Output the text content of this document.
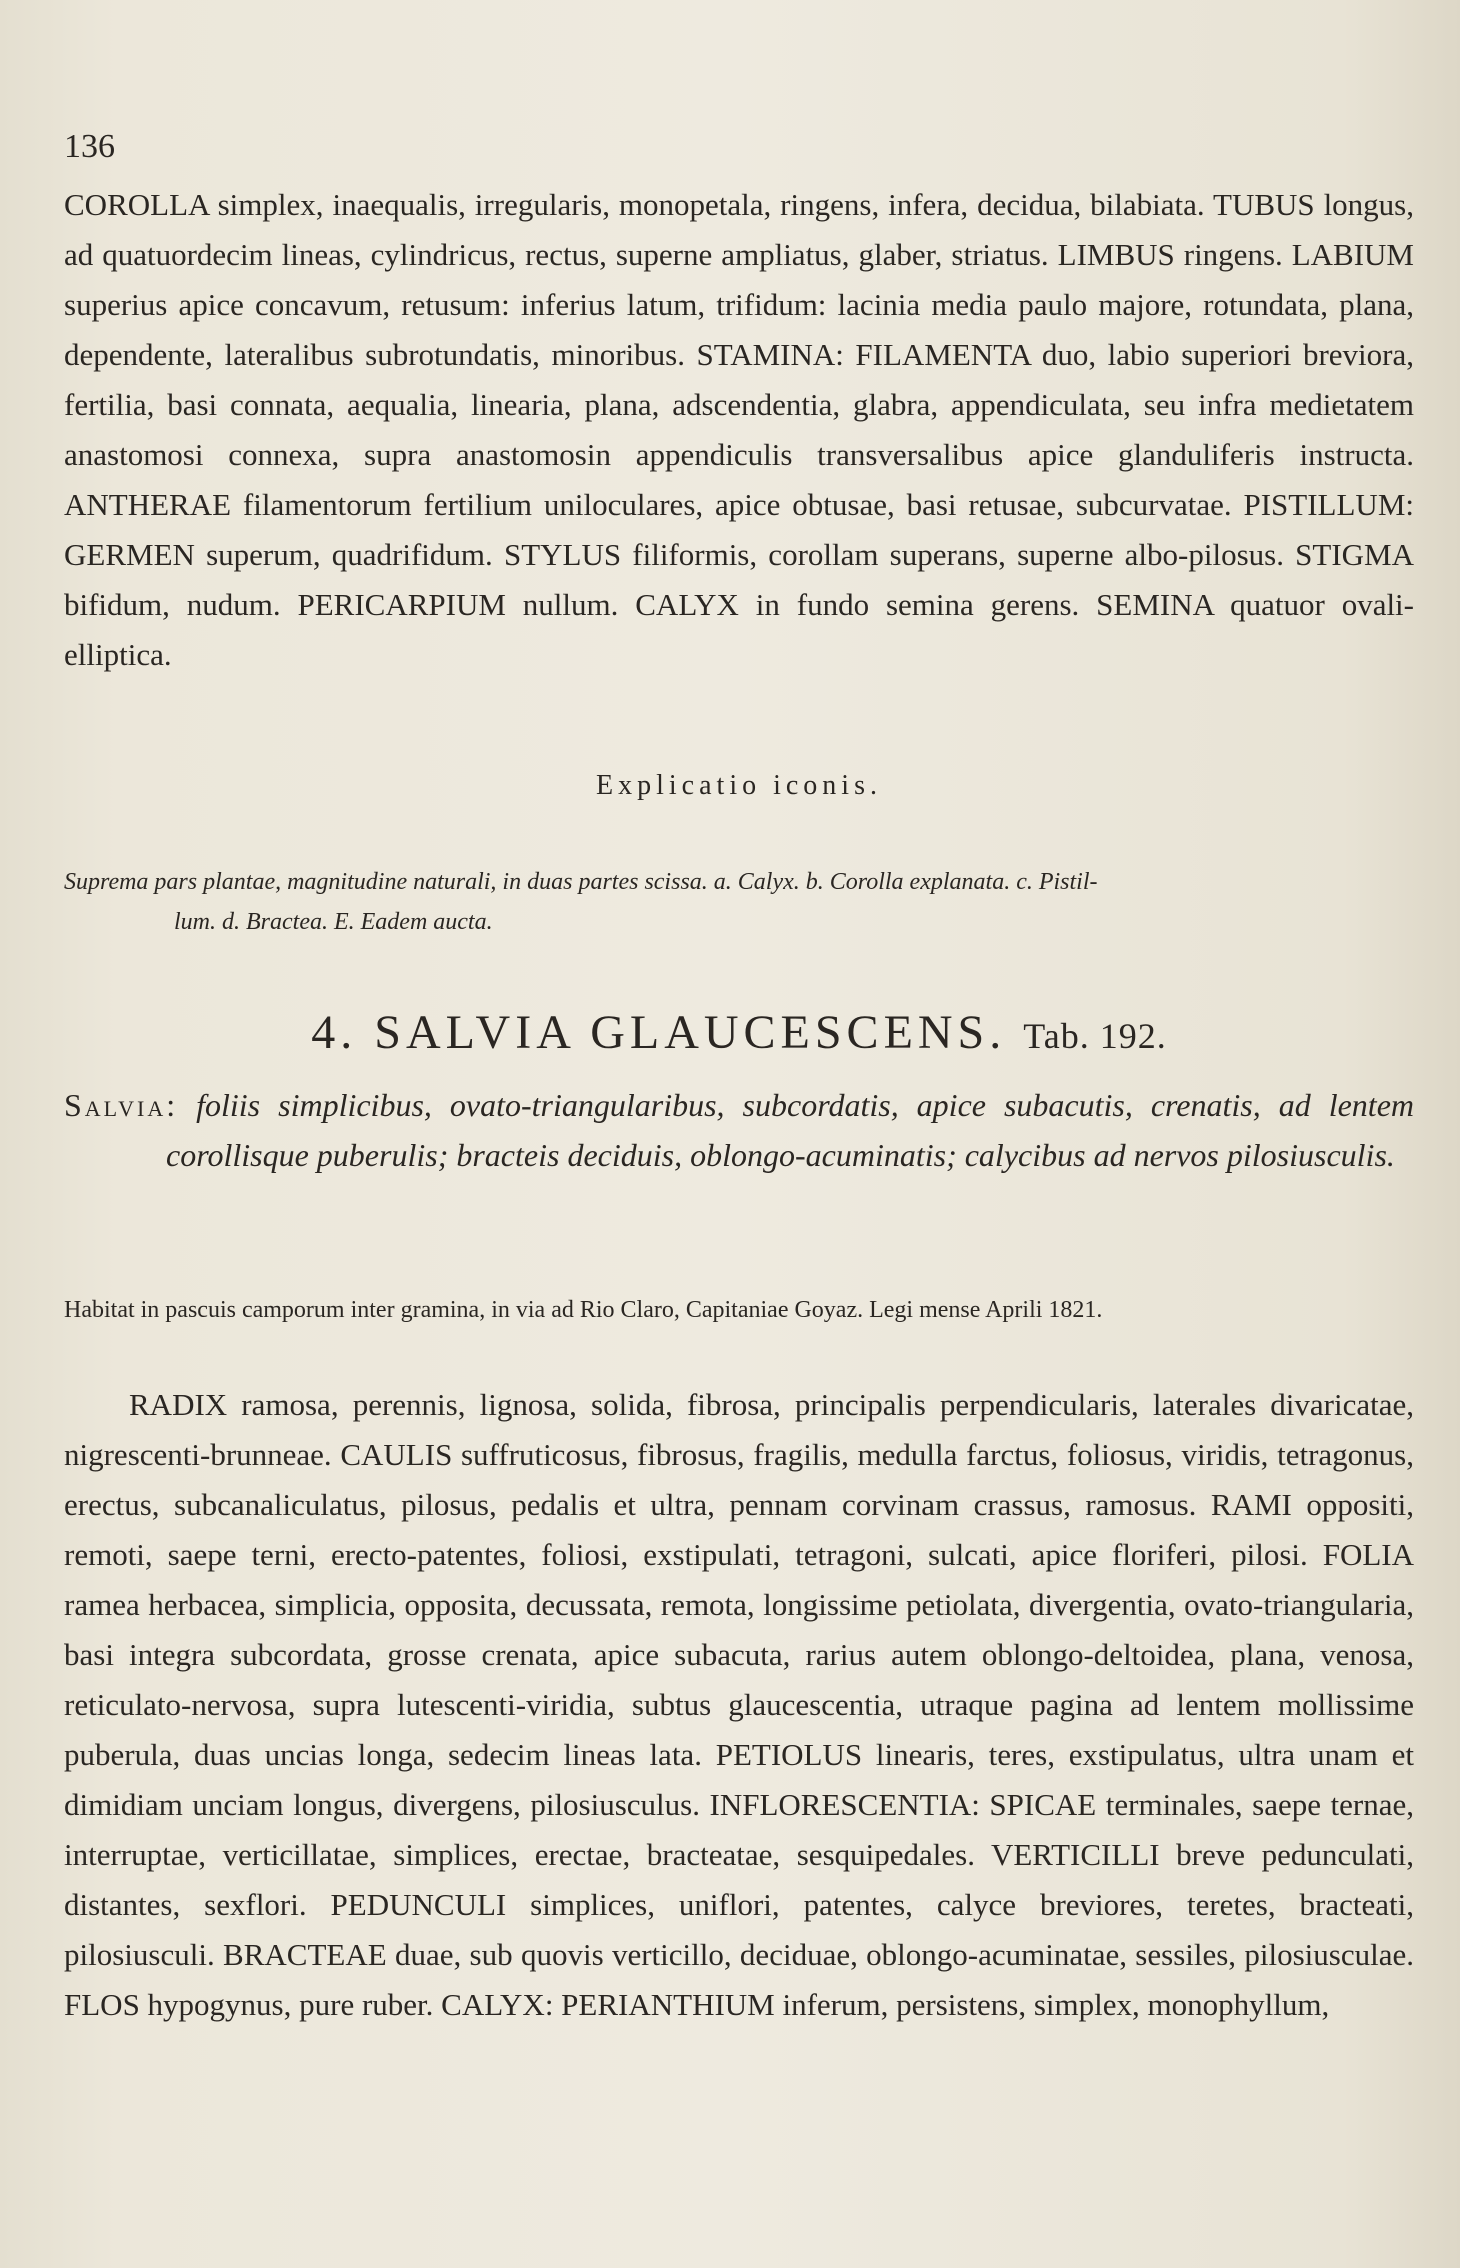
136

COROLLA simplex, inaequalis, irregularis, monopetala, ringens, infera, decidua, bilabiata. TUBUS longus, ad quatuordecim lineas, cylindricus, rectus, superne ampliatus, glaber, striatus. LIMBUS ringens. LABIUM superius apice concavum, retusum: inferius latum, trifidum: lacinia media paulo majore, rotundata, plana, dependente, lateralibus subrotundatis, minoribus. STAMINA: FILAMENTA duo, labio superiori breviora, fertilia, basi connata, aequalia, linearia, plana, adscendentia, glabra, appendiculata, seu infra medietatem anastomosi connexa, supra anastomosin appendiculis transversalibus apice glanduliferis instructa. ANTHERAE filamentorum fertilium uniloculares, apice obtusae, basi retusae, subcurvatae. PISTILLUM: GERMEN superum, quadrifidum. STYLUS filiformis, corollam superans, superne albo-pilosus. STIGMA bifidum, nudum. PERICARPIUM nullum. CALYX in fundo semina gerens. SEMINA quatuor ovali-elliptica.

Explicatio iconis.

Suprema pars plantae, magnitudine naturali, in duas partes scissa. a. Calyx. b. Corolla explanata. c. Pistil-
lum. d. Bractea. E. Eadem aucta.

4. SALVIA GLAUCESCENS. Tab. 192.

Salvia: foliis simplicibus, ovato-triangularibus, subcordatis, apice subacutis, crenatis, ad lentem corollisque puberulis; bracteis deciduis, oblongo-acuminatis; calycibus ad nervos pilosiusculis.

Habitat in pascuis camporum inter gramina, in via ad Rio Claro, Capitaniae Goyaz. Legi mense Aprili 1821.

RADIX ramosa, perennis, lignosa, solida, fibrosa, principalis perpendicularis, laterales divaricatae, nigrescenti-brunneae. CAULIS suffruticosus, fibrosus, fragilis, medulla farctus, foliosus, viridis, tetragonus, erectus, subcanaliculatus, pilosus, pedalis et ultra, pennam corvinam crassus, ramosus. RAMI oppositi, remoti, saepe terni, erecto-patentes, foliosi, exstipulati, tetragoni, sulcati, apice floriferi, pilosi. FOLIA ramea herbacea, simplicia, opposita, decussata, remota, longissime petiolata, divergentia, ovato-triangularia, basi integra subcordata, grosse crenata, apice subacuta, rarius autem oblongo-deltoidea, plana, venosa, reticulato-nervosa, supra lutescenti-viridia, subtus glaucescentia, utraque pagina ad lentem mollissime puberula, duas uncias longa, sedecim lineas lata. PETIOLUS linearis, teres, exstipulatus, ultra unam et dimidiam unciam longus, divergens, pilosiusculus. INFLORESCENTIA: SPICAE terminales, saepe ternae, interruptae, verticillatae, simplices, erectae, bracteatae, sesquipedales. VERTICILLI breve pedunculati, distantes, sexflori. PEDUNCULI simplices, uniflori, patentes, calyce breviores, teretes, bracteati, pilosiusculi. BRACTEAE duae, sub quovis verticillo, deciduae, oblongo-acuminatae, sessiles, pilosiusculae. FLOS hypogynus, pure ruber. CALYX: PERIANTHIUM inferum, persistens, simplex, monophyllum,
